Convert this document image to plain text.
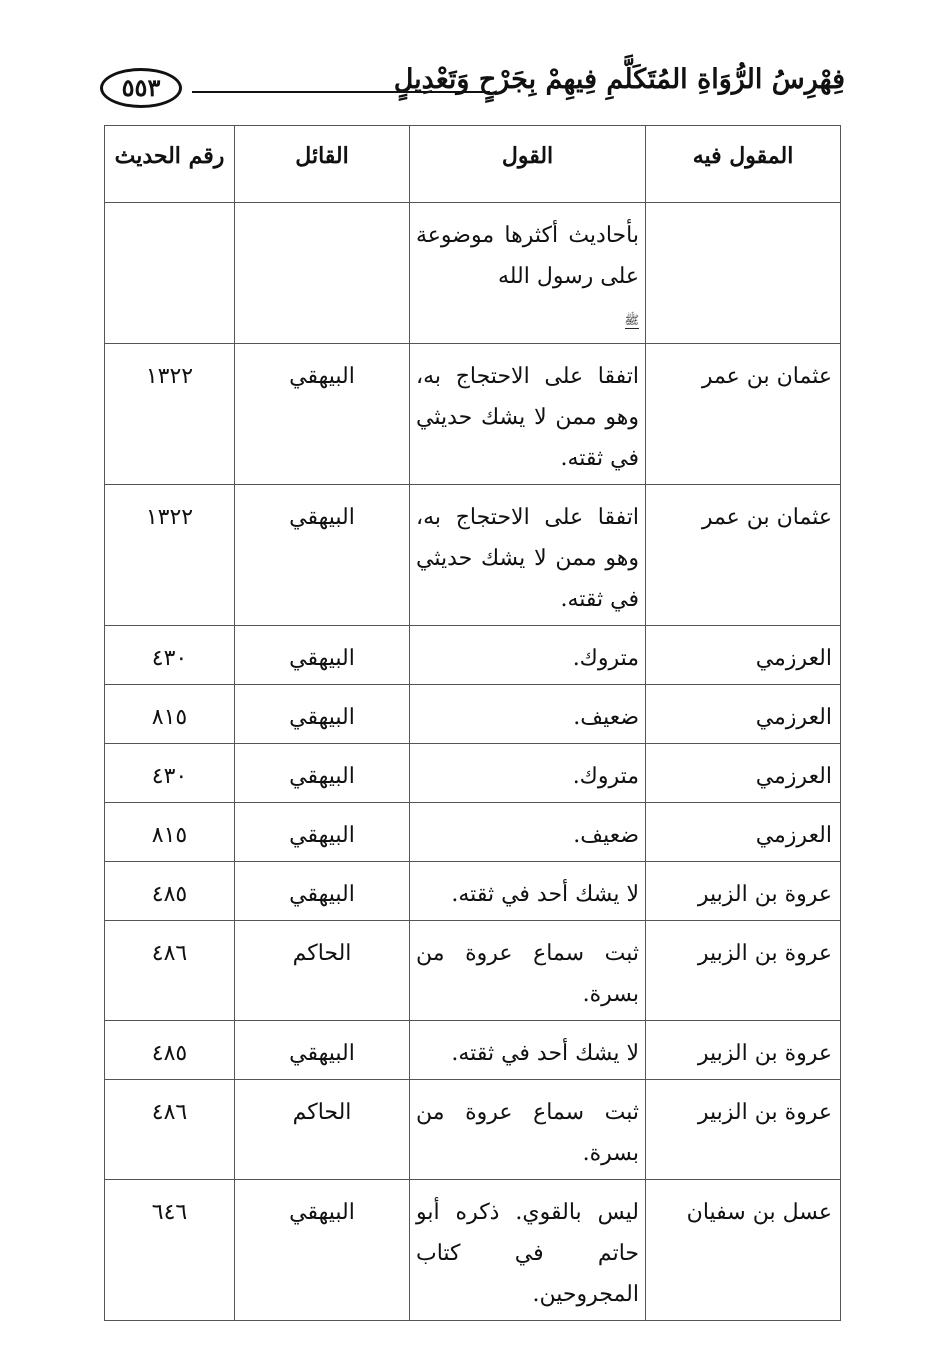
٥٥٣	فِهْرِسُ الرُّوَاةِ المُتَكَلَّمِ فِيهِمْ بِجَرْحٍ وَتَعْدِيلٍ
المقول فيه	القول	القائل	رقم الحديث
	بأحاديث أكثرها موضوعة على رسول الله
ﷺ		
عثمان بن عمر	اتفقا على الاحتجاج به، وهو ممن لا يشك حديثي في ثقته.	البيهقي	١٣٢٢
عثمان بن عمر	اتفقا على الاحتجاج به، وهو ممن لا يشك حديثي في ثقته.	البيهقي	١٣٢٢
العرزمي	متروك.	البيهقي	٤٣٠
العرزمي	ضعيف.	البيهقي	٨١٥
العرزمي	متروك.	البيهقي	٤٣٠
العرزمي	ضعيف.	البيهقي	٨١٥
عروة بن الزبير	لا يشك أحد في ثقته.	البيهقي	٤٨٥
عروة بن الزبير	ثبت سماع عروة من بسرة.	الحاكم	٤٨٦
عروة بن الزبير	لا يشك أحد في ثقته.	البيهقي	٤٨٥
عروة بن الزبير	ثبت سماع عروة من بسرة.	الحاكم	٤٨٦
عسل بن سفيان	ليس بالقوي. ذكره أبو حاتم في كتاب المجروحين.	البيهقي	٦٤٦
